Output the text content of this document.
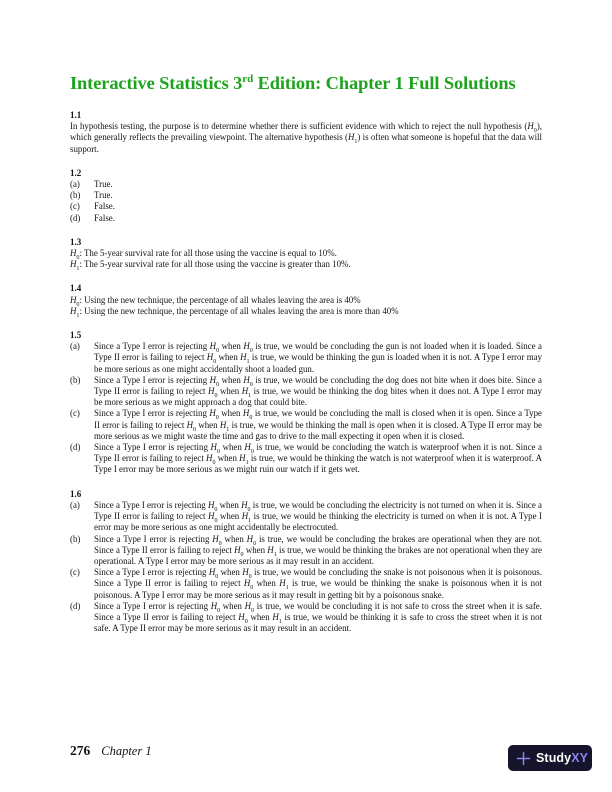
Interactive Statistics 3rd Edition: Chapter 1 Full Solutions
1.1

In hypothesis testing, the purpose is to determine whether there is sufficient evidence with which to reject the null hypothesis $(H_0)$, which generally reflects the prevailing viewpoint. The alternative hypothesis $(H_1)$ is often what someone is hopeful that the data will support.

1.2
(a) True.
(b) True.
(c) False.
(d) False.
1.3
$H_0$: The 5-year survival rate for all those using the vaccine is equal to 10%.
$H_1$: The 5-year survival rate for all those using the vaccine is greater than 10%.
1.4
$H_0$: Using the new technique, the percentage of all whales leaving the area is 40%
$H_1$: Using the new technique, the percentage of all whales leaving the area is more than 40%
1.5
(a) Since a Type I error is rejecting $H_0$ when $H_0$ is true, we would be concluding the gun is not loaded when it is loaded. Since a Type II error is failing to reject $H_0$ when $H_1$ is true, we would be thinking the gun is loaded when it is not. A Type I error may be more serious as one might accidentally shoot a loaded gun.
(b) Since a Type I error is rejecting $H_0$ when $H_0$ is true, we would be concluding the dog does not bite when it does bite. Since a Type II error is failing to reject $H_0$ when $H_1$ is true, we would be thinking the dog bites when it does not. A Type I error may be more serious as we might approach a dog that could bite.
(c) Since a Type I error is rejecting $H_0$ when $H_0$ is true, we would be concluding the mall is closed when it is open. Since a Type II error is failing to reject $H_0$ when $H_1$ is true, we would be thinking the mall is open when it is closed. A Type II error may be more serious as we might waste the time and gas to drive to the mall expecting it open when it is closed.
(d) Since a Type I error is rejecting $H_0$ when $H_0$ is true, we would be concluding the watch is waterproof when it is not. Since a Type II error is failing to reject $H_0$ when $H_1$ is true, we would be thinking the watch is not waterproof when it is waterproof. A Type I error may be more serious as we might ruin our watch if it gets wet.
1.6
(a) Since a Type I error is rejecting $H_0$ when $H_0$ is true, we would be concluding the electricity is not turned on when it is. Since a Type II error is failing to reject $H_0$ when $H_1$ is true, we would be thinking the electricity is turned on when it is not. A Type I error may be more serious as one might accidentally be electrocuted.
(b) Since a Type I error is rejecting $H_0$ when $H_0$ is true, we would be concluding the brakes are operational when they are not. Since a Type II error is failing to reject $H_0$ when $H_1$ is true, we would be thinking the brakes are not operational when they are operational. A Type I error may be more serious as it may result in an accident.
(c) Since a Type I error is rejecting $H_0$ when $H_0$ is true, we would be concluding the snake is not poisonous when it is poisonous. Since a Type II error is failing to reject $H_0$ when $H_1$ is true, we would be thinking the snake is poisonous when it is not poisonous. A Type I error may be more serious as it may result in getting bit by a poisonous snake.
(d) Since a Type I error is rejecting $H_0$ when $H_0$ is true, we would be concluding it is not safe to cross the street when it is safe. Since a Type II error is failing to reject $H_0$ when $H_1$ is true, we would be thinking it is safe to cross the street when it is not safe. A Type II error may be more serious as it may result in an accident.
276 Chapter 1	Study XY
